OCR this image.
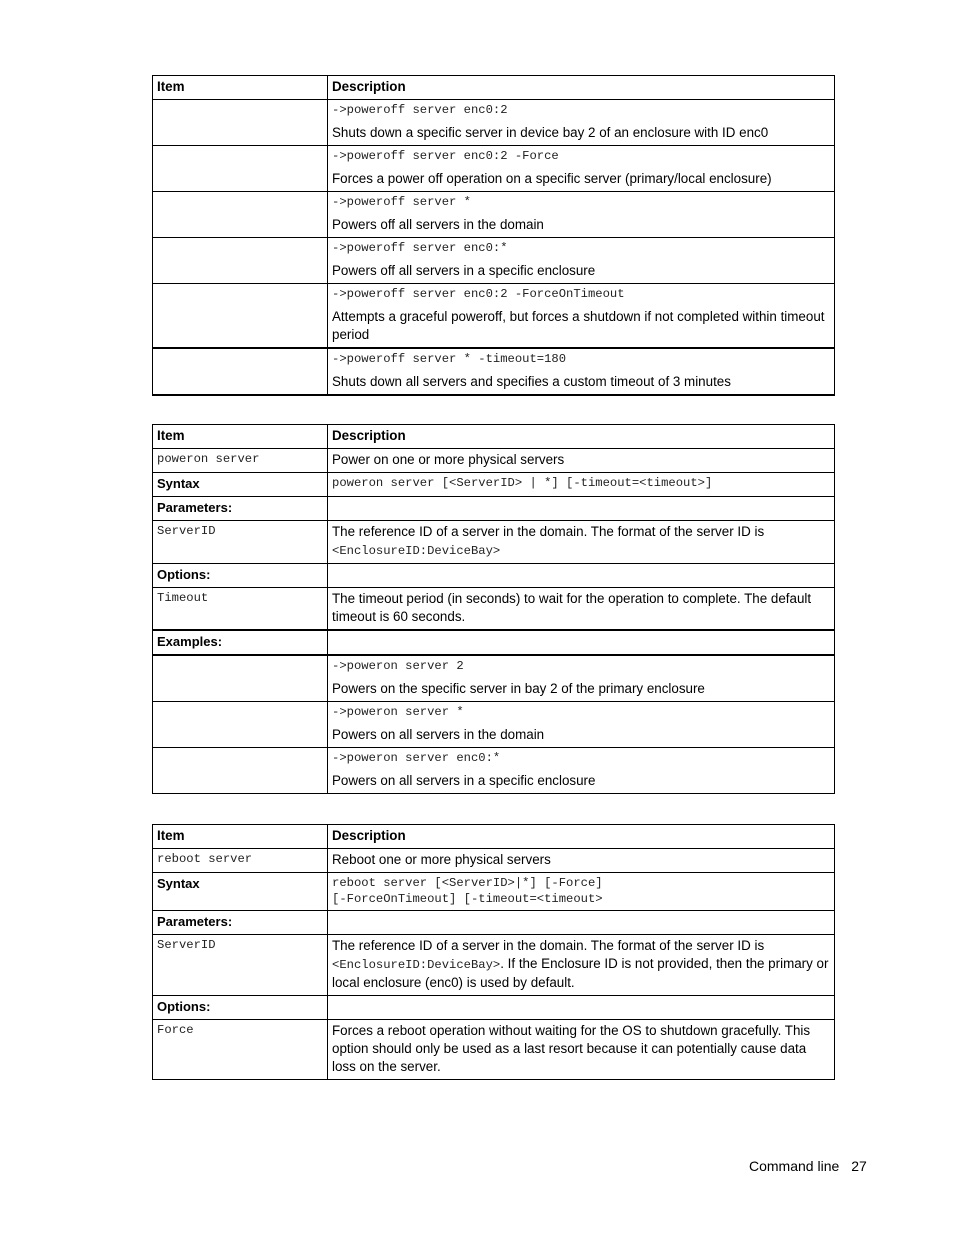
Item	Description

	->poweroff server enc0:2
Shuts down a specific server in device bay 2 of an enclosure with ID enc0

	->poweroff server enc0:2 -Force
Forces a power off operation on a specific server (primary/local enclosure)

	->poweroff server *
Powers off all servers in the domain

	->poweroff server enc0:*
Powers off all servers in a specific enclosure

	->poweroff server enc0:2 -ForceOnTimeout
Attempts a graceful poweroff, but forces a shutdown if not completed within timeout period

	->poweroff server * -timeout=180
Shuts down all servers and specifies a custom timeout of 3 minutes
Item	Description

poweron server	Power on one or more physical servers
Syntax	poweron server [<ServerID> | *] [-timeout=<timeout>]

Parameters:	

ServerID	The reference ID of a server in the domain. The format of the server ID is
<EnclosureID:DeviceBay>
Options:	

Timeout	The timeout period (in seconds) to wait for the operation to complete. The default timeout is 60 seconds.
Examples:	

	->poweron server 2
Powers on the specific server in bay 2 of the primary enclosure

	->poweron server *
Powers on all servers in the domain

	->poweron server enc0:*
Powers on all servers in a specific enclosure
Item	Description

reboot server	Reboot one or more physical servers
Syntax	reboot server [<ServerID>|*] [-Force]
[-ForceOnTimeout] [-timeout=<timeout>

Parameters:	

ServerID	The reference ID of a server in the domain. The format of the server ID is
<EnclosureID:DeviceBay>. If the Enclosure ID is not provided, then the primary or local enclosure (enc0) is used by default.
Options:	

Force	Forces a reboot operation without waiting for the OS to shutdown gracefully. This option should only be used as a last resort because it can potentially cause data loss on the server.
Command line 27
